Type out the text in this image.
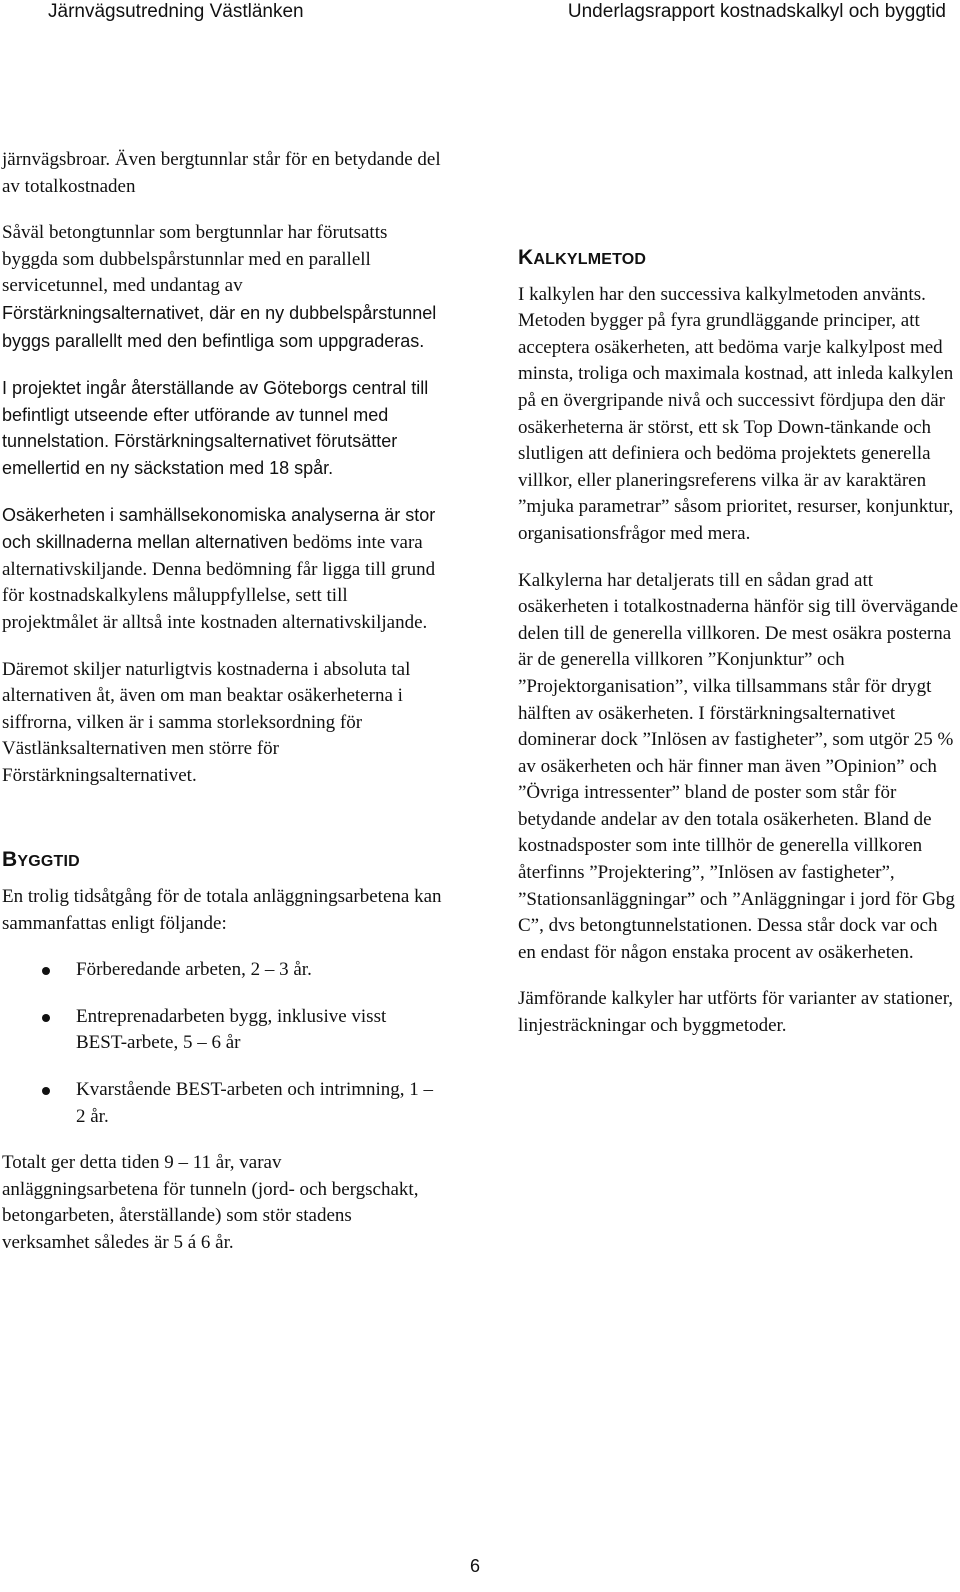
Järnvägsutredning Västlänken	Underlagsrapport kostnadskalkyl och byggtid

järnvägsbroar. Även bergtunnlar står för en betydande del av totalkostnaden

Såväl betongtunnlar som bergtunnlar har förutsatts byggda som dubbelspårstunnlar med en parallell servicetunnel, med undantag av Förstärkningsalternativet, där en ny dubbelspårstunnel byggs parallellt med den befintliga som uppgraderas.

I projektet ingår återställande av Göteborgs central till befintligt utseende efter utförande av tunnel med tunnelstation. Förstärkningsalternativet förutsätter emellertid en ny säckstation med 18 spår.

Osäkerheten i samhällsekonomiska analyserna är stor och skillnaderna mellan alternativen bedöms inte vara alternativskiljande. Denna bedömning får ligga till grund för kostnadskalkylens måluppfyllelse, sett till projektmålet är alltså inte kostnaden alternativskiljande.

Däremot skiljer naturligtvis kostnaderna i absoluta tal alternativen åt, även om man beaktar osäkerheterna i siffrorna, vilken är i samma storleksordning för Västlänksalternativen men större för Förstärkningsalternativet.

BYGGTID

En trolig tidsåtgång för de totala anläggningsarbetena kan sammanfattas enligt följande:

Förberedande arbeten, 2 – 3 år.
Entreprenadarbeten bygg, inklusive visst BEST-arbete, 5 – 6 år
Kvarstående BEST-arbeten och intrimning, 1 – 2 år.

Totalt ger detta tiden 9 – 11 år, varav anläggningsarbetena för tunneln (jord- och bergschakt, betongarbeten, återställande) som stör stadens verksamhet således är 5 á 6 år.

KALKYLMETOD

I kalkylen har den successiva kalkylmetoden använts. Metoden bygger på fyra grundläggande principer, att acceptera osäkerheten, att bedöma varje kalkylpost med minsta, troliga och maximala kostnad, att inleda kalkylen på en övergripande nivå och successivt fördjupa den där osäkerheterna är störst, ett sk Top Down-tänkande och slutligen att definiera och bedöma projektets generella villkor, eller planeringsreferens vilka är av karaktären ”mjuka parametrar” såsom prioritet, resurser, konjunktur, organisationsfrågor med mera.

Kalkylerna har detaljerats till en sådan grad att osäkerheten i totalkostnaderna hänför sig till övervägande delen till de generella villkoren. De mest osäkra posterna är de generella villkoren ”Konjunktur” och ”Projektorganisation”, vilka tillsammans står för drygt hälften av osäkerheten. I förstärkningsalternativet dominerar dock ”Inlösen av fastigheter”, som utgör 25 % av osäkerheten och här finner man även ”Opinion” och ”Övriga intressenter” bland de poster som står för betydande andelar av den totala osäkerheten. Bland de kostnadsposter som inte tillhör de generella villkoren återfinns ”Projektering”, ”Inlösen av fastigheter”, ”Stationsanläggningar” och ”Anläggningar i jord för Gbg C”, dvs betongtunnelstationen. Dessa står dock var och en endast för någon enstaka procent av osäkerheten.

Jämförande kalkyler har utförts för varianter av stationer, linjesträckningar och byggmetoder.

6
